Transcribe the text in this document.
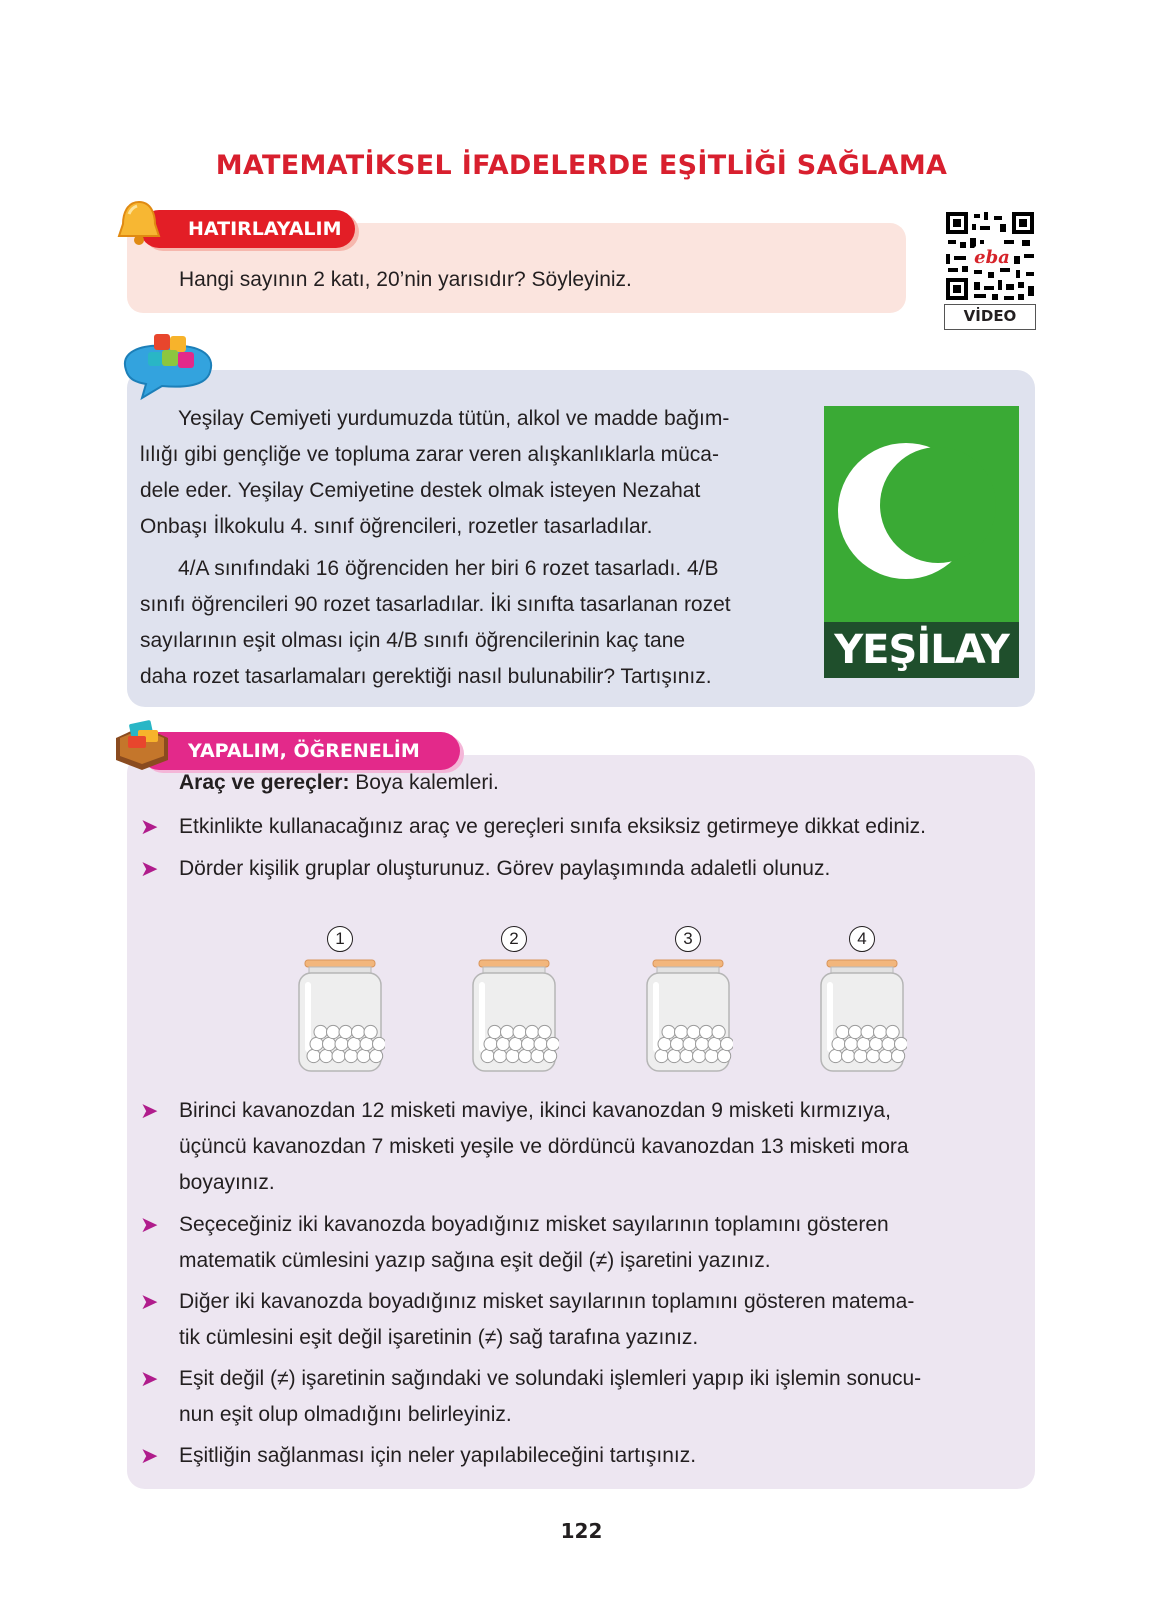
MATEMATİKSEL İFADELERDE EŞİTLİĞİ SAĞLAMA
HATIRLAYALIM
Hangi sayının 2 katı, 20’nin yarısıdır? Söyleyiniz.
eba
VİDEO
Yeşilay Cemiyeti yurdumuzda tütün, alkol ve madde bağım-
lılığı gibi gençliğe ve topluma zarar veren alışkanlıklarla müca-
dele eder. Yeşilay Cemiyetine destek olmak isteyen Nezahat
Onbaşı İlkokulu 4. sınıf öğrencileri, rozetler tasarladılar.
4/A sınıfındaki 16 öğrenciden her biri 6 rozet tasarladı. 4/B
sınıfı öğrencileri 90 rozet tasarladılar. İki sınıfta tasarlanan rozet
sayılarının eşit olması için 4/B sınıfı öğrencilerinin kaç tane
daha rozet tasarlamaları gerektiği nasıl bulunabilir? Tartışınız.
YEŞİLAY
YAPALIM, ÖĞRENELİM
Araç ve gereçler: Boya kalemleri.
➤ Etkinlikte kullanacağınız araç ve gereçleri sınıfa eksiksiz getirmeye dikkat ediniz.
➤ Dörder kişilik gruplar oluşturunuz. Görev paylaşımında adaletli olunuz.
1	2	3	4
➤ Birinci kavanozdan 12 misketi maviye, ikinci kavanozdan 9 misketi kırmızıya,
üçüncü kavanozdan 7 misketi yeşile ve dördüncü kavanozdan 13 misketi mora
boyayınız.
➤ Seçeceğiniz iki kavanozda boyadığınız misket sayılarının toplamını gösteren
matematik cümlesini yazıp sağına eşit değil (≠) işaretini yazınız.
➤ Diğer iki kavanozda boyadığınız misket sayılarının toplamını gösteren matema-
tik cümlesini eşit değil işaretinin (≠) sağ tarafına yazınız.
➤ Eşit değil (≠) işaretinin sağındaki ve solundaki işlemleri yapıp iki işlemin sonucu-
nun eşit olup olmadığını belirleyiniz.
➤ Eşitliğin sağlanması için neler yapılabileceğini tartışınız.
122
